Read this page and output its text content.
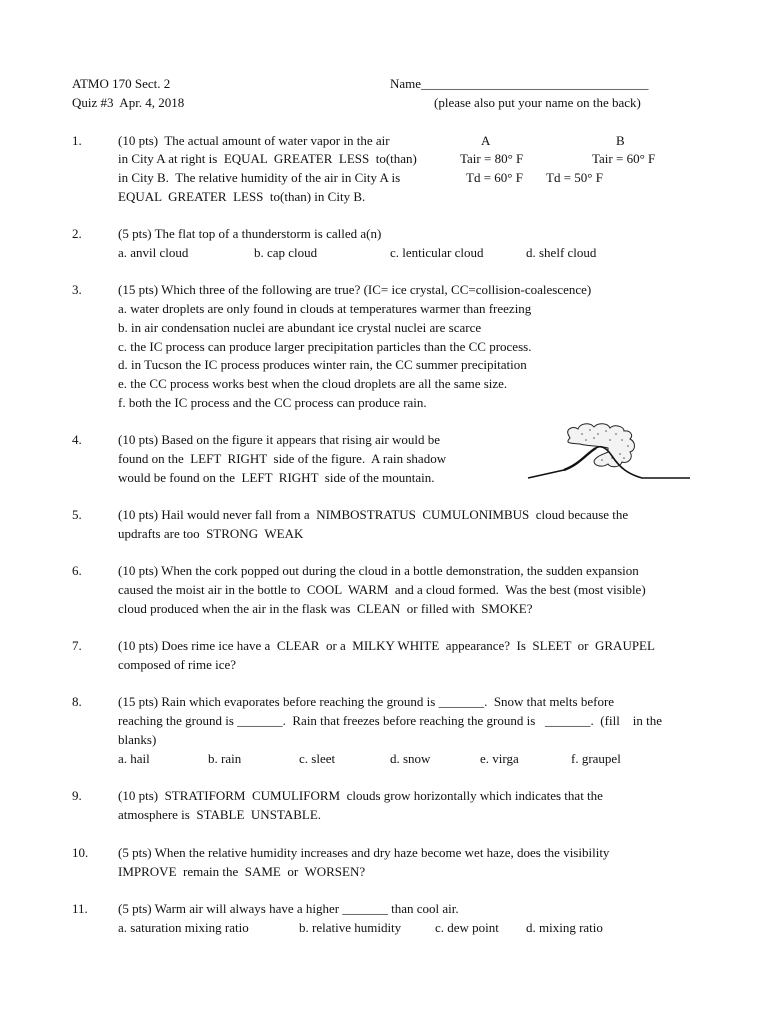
ATMO 170 Sect. 2
Quiz #3  Apr. 4, 2018
Name___________________________________
(please also put your name on the back)
1.	(10 pts)  The actual amount of water vapor in the air
in City A at right is  EQUAL  GREATER  LESS  to(than)
in City B.  The relative humidity of the air in City A is
EQUAL  GREATER  LESS  to(than) in City B.
A	B
Tair = 80° F	Tair = 60° F
Td = 60° F Td = 50° F
2.	(5 pts) The flat top of a thunderstorm is called a(n)
a. anvil cloud	b. cap cloud	c. lenticular cloud	d. shelf cloud
3.	(15 pts) Which three of the following are true? (IC= ice crystal, CC=collision-coalescence)
a. water droplets are only found in clouds at temperatures warmer than freezing
b. in air condensation nuclei are abundant ice crystal nuclei are scarce
c. the IC process can produce larger precipitation particles than the CC process.
d. in Tucson the IC process produces winter rain, the CC summer precipitation
e. the CC process works best when the cloud droplets are all the same size.
f. both the IC process and the CC process can produce rain.
4.	(10 pts) Based on the figure it appears that rising air would be
found on the  LEFT  RIGHT  side of the figure.  A rain shadow
would be found on the  LEFT  RIGHT  side of the mountain.
5.	(10 pts) Hail would never fall from a  NIMBOSTRATUS  CUMULONIMBUS  cloud because the
updrafts are too  STRONG  WEAK
6.	(10 pts) When the cork popped out during the cloud in a bottle demonstration, the sudden expansion
caused the moist air in the bottle to  COOL  WARM  and a cloud formed.  Was the best (most visible)
cloud produced when the air in the flask was  CLEAN  or filled with  SMOKE?
7.	(10 pts) Does rime ice have a  CLEAR  or a  MILKY WHITE  appearance?  Is  SLEET  or  GRAUPEL
composed of rime ice?
8.	(15 pts) Rain which evaporates before reaching the ground is _______.  Snow that melts before
reaching the ground is _______.  Rain that freezes before reaching the ground is   _______.  (fill    in the
blanks)
a. hail	b. rain	c. sleet	d. snow	e. virga	f. graupel
9.	(10 pts)  STRATIFORM  CUMULIFORM  clouds grow horizontally which indicates that the
atmosphere is  STABLE  UNSTABLE.
10. (5 pts) When the relative humidity increases and dry haze become wet haze, does the visibility
IMPROVE  remain the  SAME  or  WORSEN?
11. (5 pts) Warm air will always have a higher _______ than cool air.
a. saturation mixing ratio	b. relative humidity	c. dew point d. mixing ratio
